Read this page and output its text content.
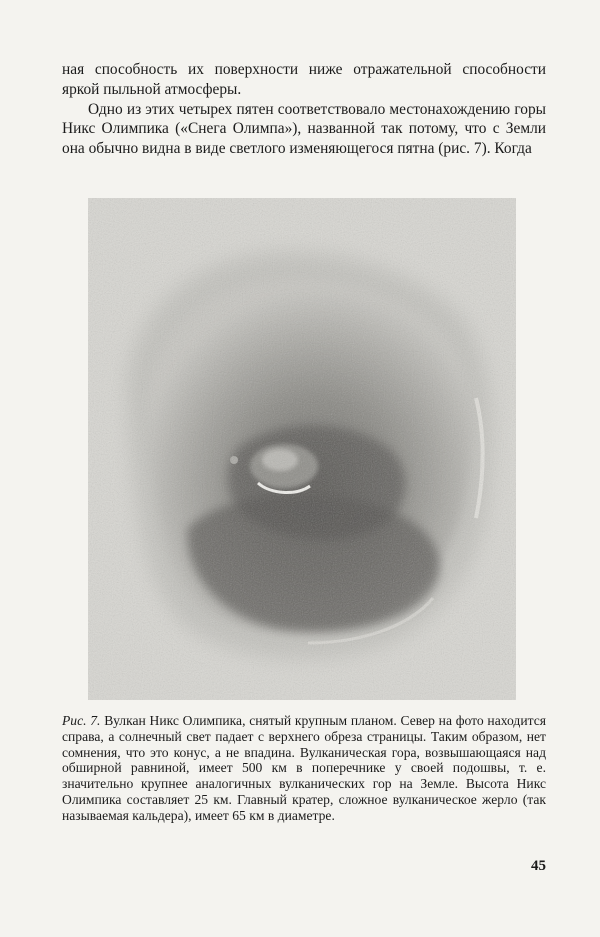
ная способность их поверхности ниже отражательной способности яркой пыльной атмосферы.

Одно из этих четырех пятен соответствовало местонахождению горы Никс Олимпика («Снега Олимпа»), названной так потому, что с Земли она обычно видна в виде светлого изменяющегося пятна (рис. 7). Когда

Рис. 7. Вулкан Никс Олимпика, снятый крупным планом. Север на фото находится справа, а солнечный свет падает с верхнего обреза страницы. Таким образом, нет сомнения, что это конус, а не впадина. Вулканическая гора, возвышающаяся над обширной равниной, имеет 500 км в поперечнике у своей подошвы, т. е. значительно крупнее аналогичных вулканических гор на Земле. Высота Никс Олимпика составляет 25 км. Главный кратер, сложное вулканическое жерло (так называемая кальдера), имеет 65 км в диаметре.
45
